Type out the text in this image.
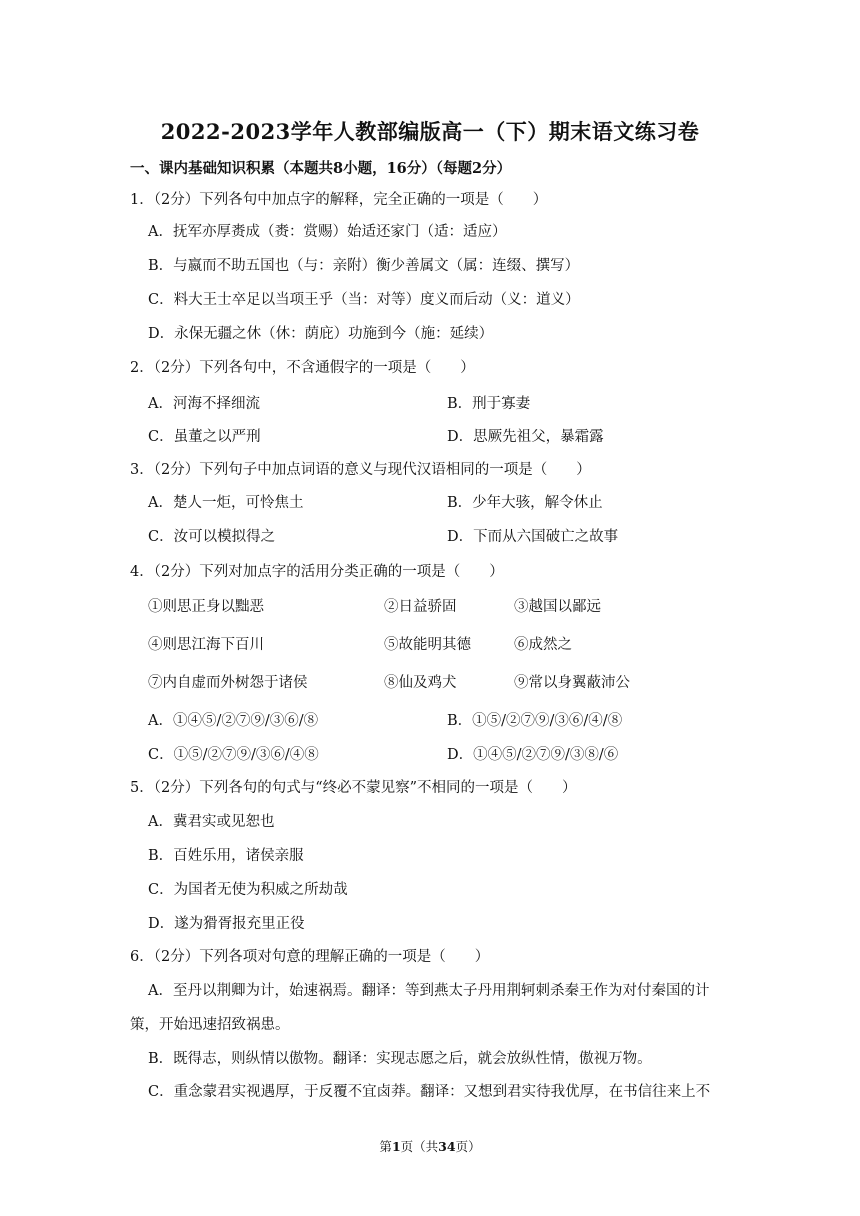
2022-2023学年人教部编版高一（下）期末语文练习卷
一、课内基础知识积累（本题共8小题，16分）（每题2分）
1．（2分）下列各句中加点字的解释，完全正确的一项是（　　）
A．抚军亦厚赉成（赉：赏赐）始适还家门（适：适应）
B．与嬴而不助五国也（与：亲附）衡少善属文（属：连缀、撰写）
C．料大王士卒足以当项王乎（当：对等）度义而后动（义：道义）
D．永保无疆之休（休：荫庇）功施到今（施：延续）
2．（2分）下列各句中，不含通假字的一项是（　　）
A．河海不择细流	B．刑于寡妻
C．虽董之以严刑	D．思厥先祖父，暴霜露
3．（2分）下列句子中加点词语的意义与现代汉语相同的一项是（　　）
A．楚人一炬，可怜焦土	B．少年大骇，解令休止
C．汝可以模拟得之	D．下而从六国破亡之故事
4．（2分）下列对加点字的活用分类正确的一项是（　　）
①则思正身以黜恶	②日益骄固	③越国以鄙远
④则思江海下百川	⑤故能明其德	⑥成然之
⑦内自虚而外树怨于诸侯	⑧仙及鸡犬	⑨常以身翼蔽沛公
A．①④⑤/②⑦⑨/③⑥/⑧	B．①⑤/②⑦⑨/③⑥/④/⑧
C．①⑤/②⑦⑨/③⑥/④⑧	D．①④⑤/②⑦⑨/③⑧/⑥
5．（2分）下列各句的句式与“终必不蒙见察”不相同的一项是（　　）
A．冀君实或见恕也
B．百姓乐用，诸侯亲服
C．为国者无使为积威之所劫哉
D．遂为猾胥报充里正役
6．（2分）下列各项对句意的理解正确的一项是（　　）
A．至丹以荆卿为计，始速祸焉。翻译：等到燕太子丹用荆轲刺杀秦王作为对付秦国的计
策，开始迅速招致祸患。
B．既得志，则纵情以傲物。翻译：实现志愿之后，就会放纵性情，傲视万物。
C．重念蒙君实视遇厚，于反覆不宜卤莽。翻译：又想到君实待我优厚，在书信往来上不
第1页（共34页）
